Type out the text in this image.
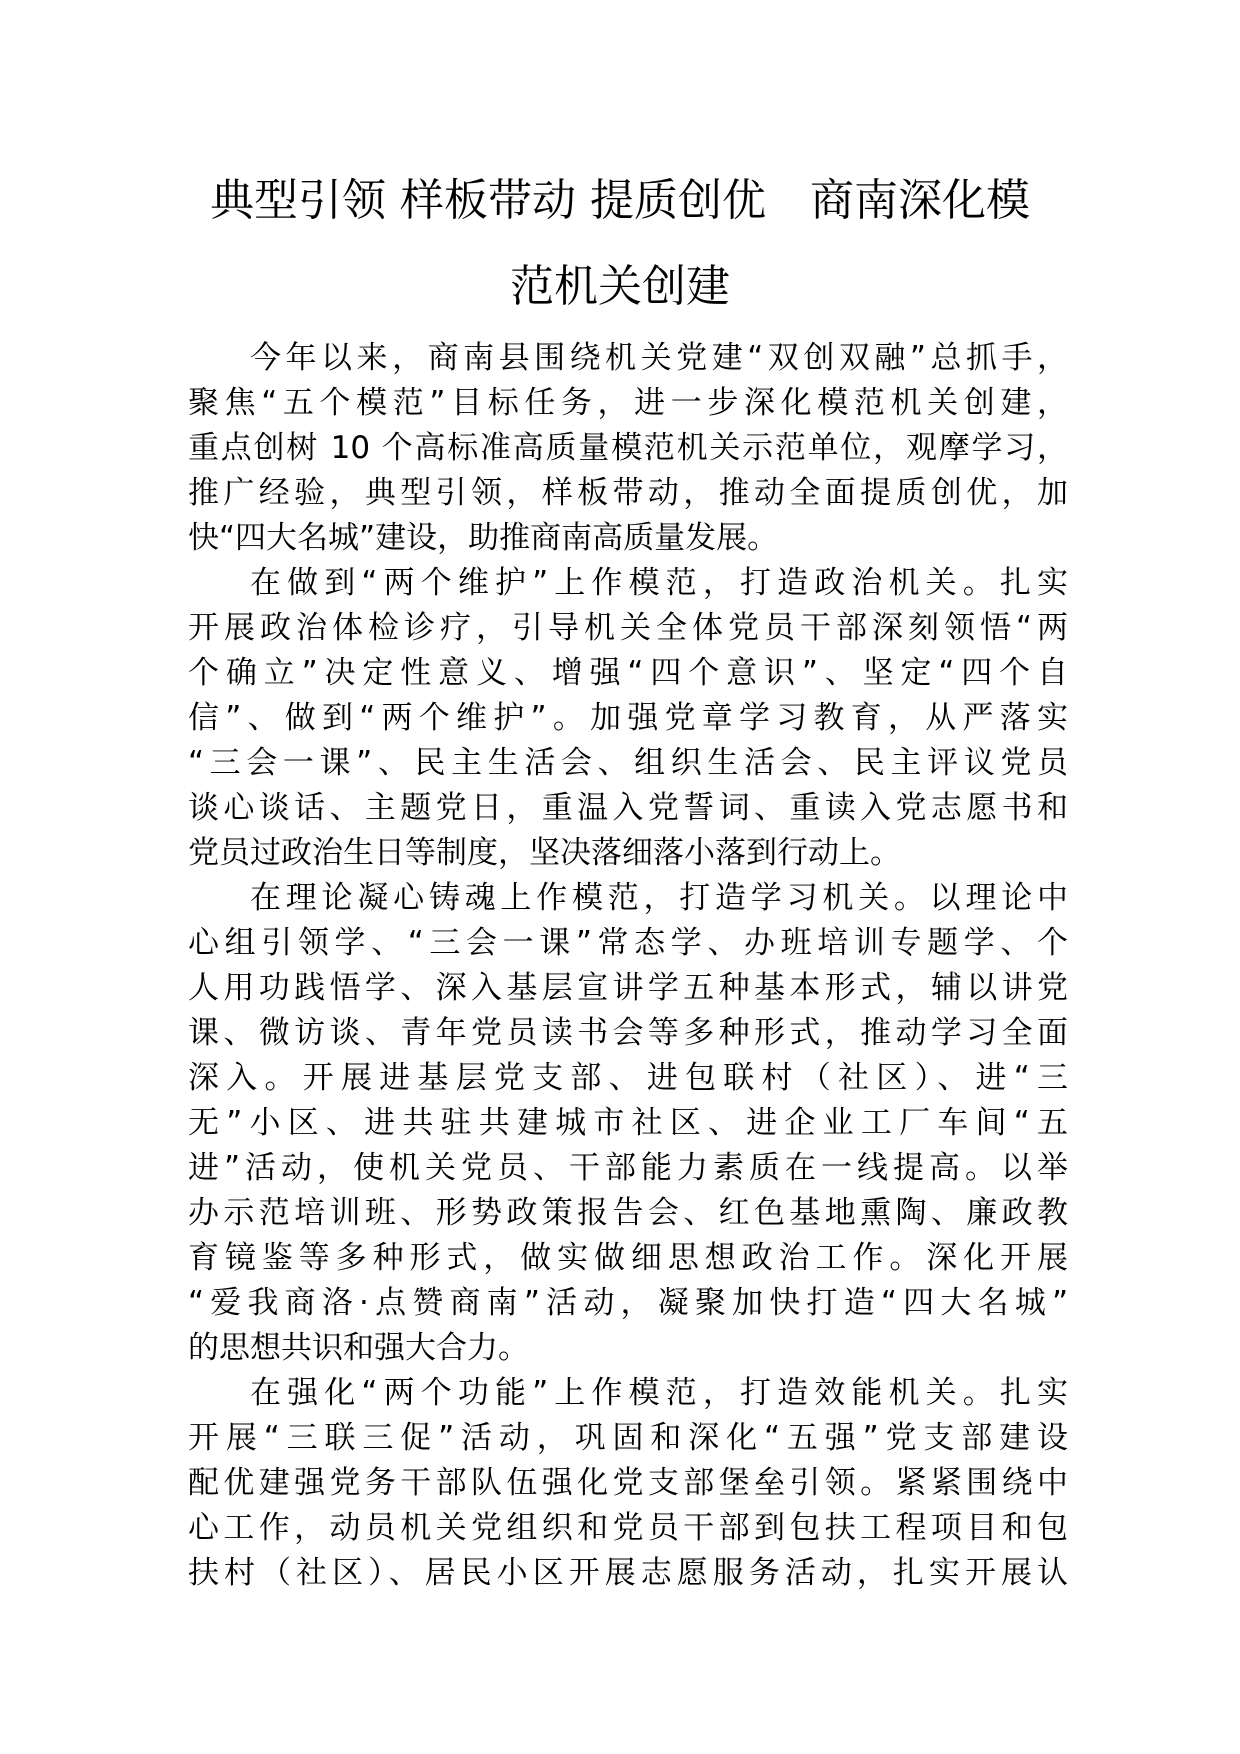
典型引领 样板带动 提质创优　商南深化模
范机关创建
今年以来，商南县围绕机关党建“双创双融”总抓手，
聚焦“五个模范”目标任务，进一步深化模范机关创建，
重点创树 10 个高标准高质量模范机关示范单位，观摩学习，
推广经验，典型引领，样板带动，推动全面提质创优，加
快“四大名城”建设，助推商南高质量发展。
在做到“两个维护”上作模范，打造政治机关。扎实
开展政治体检诊疗，引导机关全体党员干部深刻领悟“两
个确立”决定性意义、增强“四个意识”、坚定“四个自
信”、做到“两个维护”。加强党章学习教育，从严落实
“三会一课”、民主生活会、组织生活会、民主评议党员
谈心谈话、主题党日，重温入党誓词、重读入党志愿书和
党员过政治生日等制度，坚决落细落小落到行动上。
在理论凝心铸魂上作模范，打造学习机关。以理论中
心组引领学、“三会一课”常态学、办班培训专题学、个
人用功践悟学、深入基层宣讲学五种基本形式，辅以讲党
课、微访谈、青年党员读书会等多种形式，推动学习全面
深入。开展进基层党支部、进包联村（社区）、进“三
无”小区、进共驻共建城市社区、进企业工厂车间“五
进”活动，使机关党员、干部能力素质在一线提高。以举
办示范培训班、形势政策报告会、红色基地熏陶、廉政教
育镜鉴等多种形式，做实做细思想政治工作。深化开展
“爱我商洛·点赞商南”活动，凝聚加快打造“四大名城”
的思想共识和强大合力。
在强化“两个功能”上作模范，打造效能机关。扎实
开展“三联三促”活动，巩固和深化“五强”党支部建设
配优建强党务干部队伍强化党支部堡垒引领。紧紧围绕中
心工作，动员机关党组织和党员干部到包扶工程项目和包
扶村（社区）、居民小区开展志愿服务活动，扎实开展认
